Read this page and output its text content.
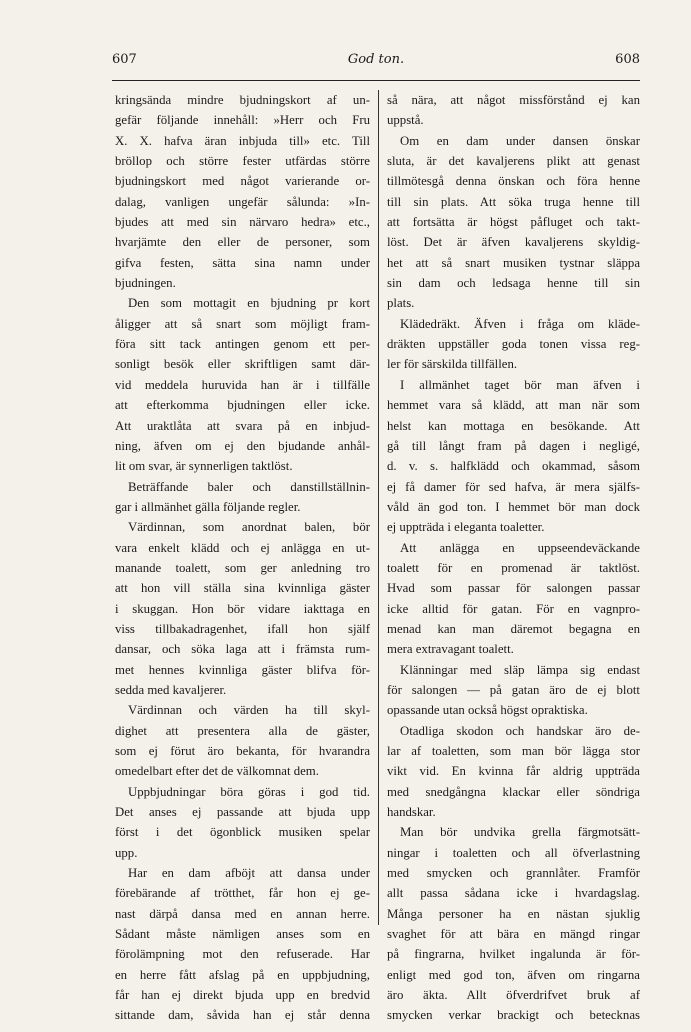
607	God ton.	608
kringsända mindre bjudningskort af un-
gefär följande innehåll: »Herr och Fru
X. X. hafva äran inbjuda till» etc. Till
bröllop och större fester utfärdas större
bjudningskort med något varierande or-
dalag, vanligen ungefär sålunda: »In-
bjudes att med sin närvaro hedra» etc.,
hvarjämte den eller de personer, som
gifva festen, sätta sina namn under
bjudningen.
Den som mottagit en bjudning pr kort
åligger att så snart som möjligt fram-
föra sitt tack antingen genom ett per-
sonligt besök eller skriftligen samt där-
vid meddela huruvida han är i tillfälle
att efterkomma bjudningen eller icke.
Att uraktlåta att svara på en inbjud-
ning, äfven om ej den bjudande anhål-
lit om svar, är synnerligen taktlöst.
Beträffande baler och danstillställnin-
gar i allmänhet gälla följande regler.
Värdinnan, som anordnat balen, bör
vara enkelt klädd och ej anlägga en ut-
manande toalett, som ger anledning tro
att hon vill ställa sina kvinnliga gäster
i skuggan. Hon bör vidare iakttaga en
viss tillbakadragenhet, ifall hon själf
dansar, och söka laga att i främsta rum-
met hennes kvinnliga gäster blifva för-
sedda med kavaljerer.
Värdinnan och värden ha till skyl-
dighet att presentera alla de gäster,
som ej förut äro bekanta, för hvarandra
omedelbart efter det de välkomnat dem.
Uppbjudningar böra göras i god tid.
Det anses ej passande att bjuda upp
först i det ögonblick musiken spelar
upp.
Har en dam afböjt att dansa under
förebärande af trötthet, får hon ej ge-
nast därpå dansa med en annan herre.
Sådant måste nämligen anses som en
förolämpning mot den refuserade. Har
en herre fått afslag på en uppbjudning,
får han ej direkt bjuda upp en bredvid
sittande dam, såvida han ej står denna
så nära, att något missförstånd ej kan
uppstå.
Om en dam under dansen önskar
sluta, är det kavaljerens plikt att genast
tillmötesgå denna önskan och föra henne
till sin plats. Att söka truga henne till
att fortsätta är högst påfluget och takt-
löst. Det är äfven kavaljerens skyldig-
het att så snart musiken tystnar släppa
sin dam och ledsaga henne till sin
plats.
Klädedräkt. Äfven i fråga om kläde-
dräkten uppställer goda tonen vissa reg-
ler för särskilda tillfällen.
I allmänhet taget bör man äfven i
hemmet vara så klädd, att man när som
helst kan mottaga en besökande. Att
gå till långt fram på dagen i negligé,
d. v. s. halfklädd och okammad, såsom
ej få damer för sed hafva, är mera själfs-
våld än god ton. I hemmet bör man dock
ej uppträda i eleganta toaletter.
Att anlägga en uppseendeväckande
toalett för en promenad är taktlöst.
Hvad som passar för salongen passar
icke alltid för gatan. För en vagnpro-
menad kan man däremot begagna en
mera extravagant toalett.
Klänningar med släp lämpa sig endast
för salongen — på gatan äro de ej blott
opassande utan också högst opraktiska.
Otadliga skodon och handskar äro de-
lar af toaletten, som man bör lägga stor
vikt vid. En kvinna får aldrig uppträda
med snedgångna klackar eller söndriga
handskar.
Man bör undvika grella färgmotsätt-
ningar i toaletten och all öfverlastning
med smycken och grannlåter. Framför
allt passa sådana icke i hvardagslag.
Många personer ha en nästan sjuklig
svaghet för att bära en mängd ringar
på fingrarna, hvilket ingalunda är för-
enligt med god ton, äfven om ringarna
äro äkta. Allt öfverdrifvet bruk af
smycken verkar brackigt och betecknas
